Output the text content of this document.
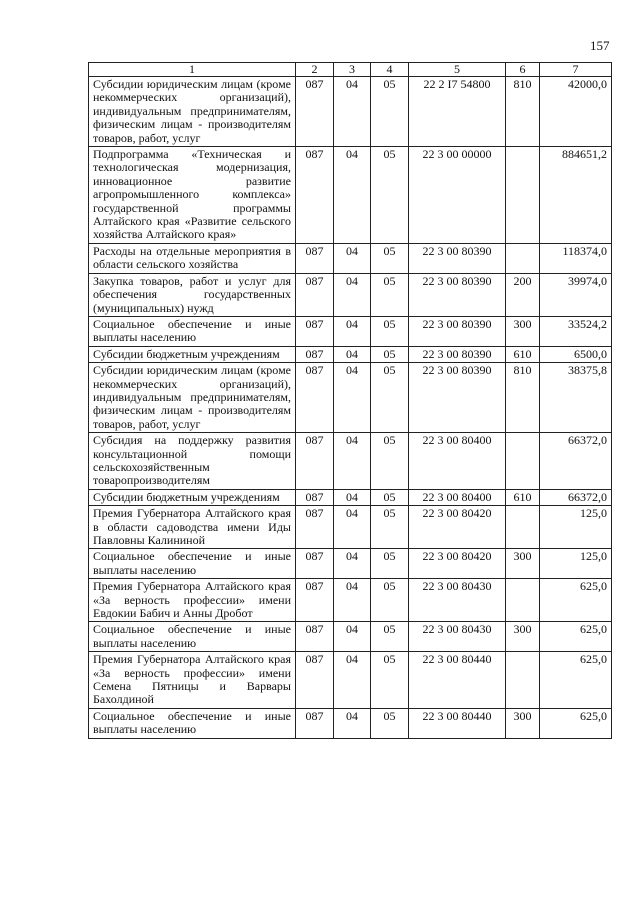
157
1	2	3	4	5	6	7
Субсидии юридическим лицам (кроме некоммерческих организаций), индивидуальным предпринимателям, физическим лицам - производителям товаров, работ, услуг	087	04	05	22 2 I7 54800	810	42000,0
Подпрограмма «Техническая и технологическая модернизация, инновационное развитие агропромышленного комплекса» государственной программы Алтайского края «Развитие сельского хозяйства Алтайского края»	087	04	05	22 3 00 00000		884651,2
Расходы на отдельные мероприятия в области сельского хозяйства	087	04	05	22 3 00 80390		118374,0
Закупка товаров, работ и услуг для обеспечения государственных (муниципальных) нужд	087	04	05	22 3 00 80390	200	39974,0
Социальное обеспечение и иные выплаты населению	087	04	05	22 3 00 80390	300	33524,2
Субсидии бюджетным учреждениям	087	04	05	22 3 00 80390	610	6500,0
Субсидии юридическим лицам (кроме некоммерческих организаций), индивидуальным предпринимателям, физическим лицам - производителям товаров, работ, услуг	087	04	05	22 3 00 80390	810	38375,8
Субсидия на поддержку развития консультационной помощи сельскохозяйственным товаропроизводителям	087	04	05	22 3 00 80400		66372,0
Субсидии бюджетным учреждениям	087	04	05	22 3 00 80400	610	66372,0
Премия Губернатора Алтайского края в области садоводства имени Иды Павловны Калининой	087	04	05	22 3 00 80420		125,0
Социальное обеспечение и иные выплаты населению	087	04	05	22 3 00 80420	300	125,0
Премия Губернатора Алтайского края «За верность профессии» имени Евдокии Бабич и Анны Дробот	087	04	05	22 3 00 80430		625,0
Социальное обеспечение и иные выплаты населению	087	04	05	22 3 00 80430	300	625,0
Премия Губернатора Алтайского края «За верность профессии» имени Семена Пятницы и Варвары Бахолдиной	087	04	05	22 3 00 80440		625,0
Социальное обеспечение и иные выплаты населению	087	04	05	22 3 00 80440	300	625,0
